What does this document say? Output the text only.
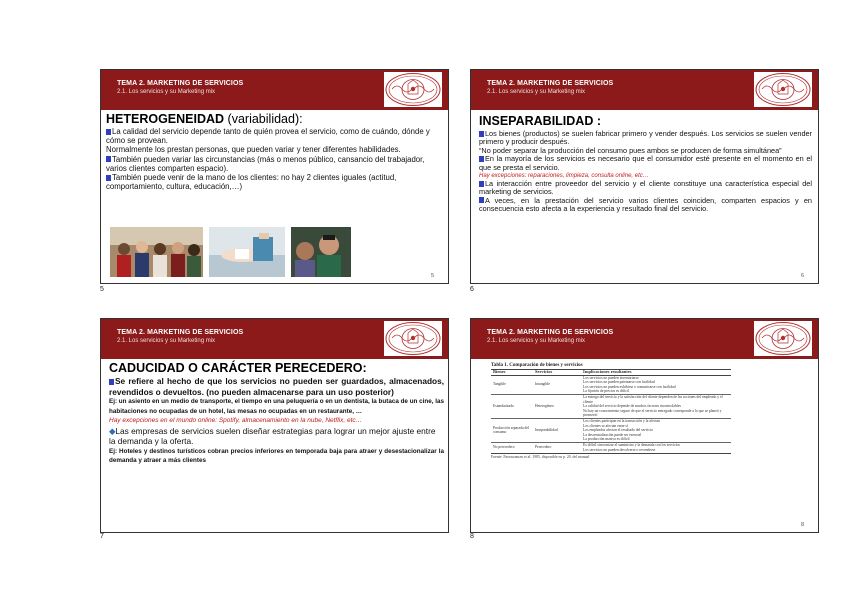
TEMA 2. MARKETING DE SERVICIOS
2.1. Los servicios y su Marketing mix
HETEROGENEIDAD (variabilidad):

La calidad del servicio depende tanto de quién provea el servicio, como de cuándo, dónde y cómo se provean.

Normalmente los prestan personas, que pueden variar y tener diferentes habilidades.

También pueden variar las circunstancias (más o menos público, cansancio del trabajador, varios clientes comparten espacio).

También puede venir de la mano de los clientes: no hay 2 clientes iguales (actitud, comportamiento, cultura, educación,…)

5
5
TEMA 2. MARKETING DE SERVICIOS
2.1. Los servicios y su Marketing mix
INSEPARABILIDAD :

Los bienes (productos) se suelen fabricar primero y vender después. Los servicios se suelen vender primero y producir después.

“No poder separar la producción del consumo pues ambos se producen de forma simultánea”

En la mayoría de los servicios es necesario que el consumidor esté presente en el momento en el que se presta el servicio.

Hay excepciones: reparaciones, limpieza, consulta online, etc…

La interacción entre proveedor del servicio y el cliente constituye una característica especial del marketing de servicios.

A veces, en la prestación del servicio varios clientes coinciden, comparten espacios y en consecuencia esto afecta a la experiencia y resultado final del servicio.

6
6
TEMA 2. MARKETING DE SERVICIOS
2.1. Los servicios y su Marketing mix
CADUCIDAD O CARÁCTER PERECEDERO:

Se refiere al hecho de que los servicios no pueden ser guardados, almacenados, revendidos o devueltos. (no pueden almacenarse para un uso posterior)

Ej: un asiento en un medio de transporte, el tiempo en una peluquería o en un dentista, la butaca de un cine, las habitaciones no ocupadas de un hotel, las mesas no ocupadas en un restaurante, …

Hay excepciones en el mundo online: Spotify, almacenamiento en la nube, Netflix, etc…

◆Las empresas de servicios suelen diseñar estrategias para lograr un mejor ajuste entre la demanda y la oferta.

Ej: Hoteles y destinos turísticos cobran precios inferiores en temporada baja para atraer y desestacionalizar la demanda y atraer a más clientes

7
TEMA 2. MARKETING DE SERVICIOS
2.1. Los servicios y su Marketing mix
Tabla 1. Comparación de bienes y servicios
Bienes	Servicios	Implicaciones resultantes
Tangible	Intangible	Los servicios no pueden inventariarse
		Los servicios no pueden patentarse con facilidad
		Los servicios no pueden exhibirse o comunicarse con facilidad
		La fijación de precios es difícil
Estandarizado	Heterogéneo	La entrega del servicio y la satisfacción del cliente dependen de las acciones del empleado y el cliente
		La calidad del servicio depende de muchos factores incontrolables
		No hay un conocimiento seguro de que el servicio entregado corresponde a lo que se planeó y promovió
Producción separada del consumo	Inseparabilidad	Los clientes participan en la transacción y la afectan
		Los clientes se afectan entre sí
		Los empleados afectan el resultado del servicio
		La descentralización puede ser esencial
		La producción masiva es difícil
No perecedero	Perecedero	Es difícil sincronizar el suministro y la demanda con los servicios
		Los servicios no pueden devolverse o revenderse
Fuente: Parasuraman et al. 1985, disponible en p. 20. del manual
8
8
